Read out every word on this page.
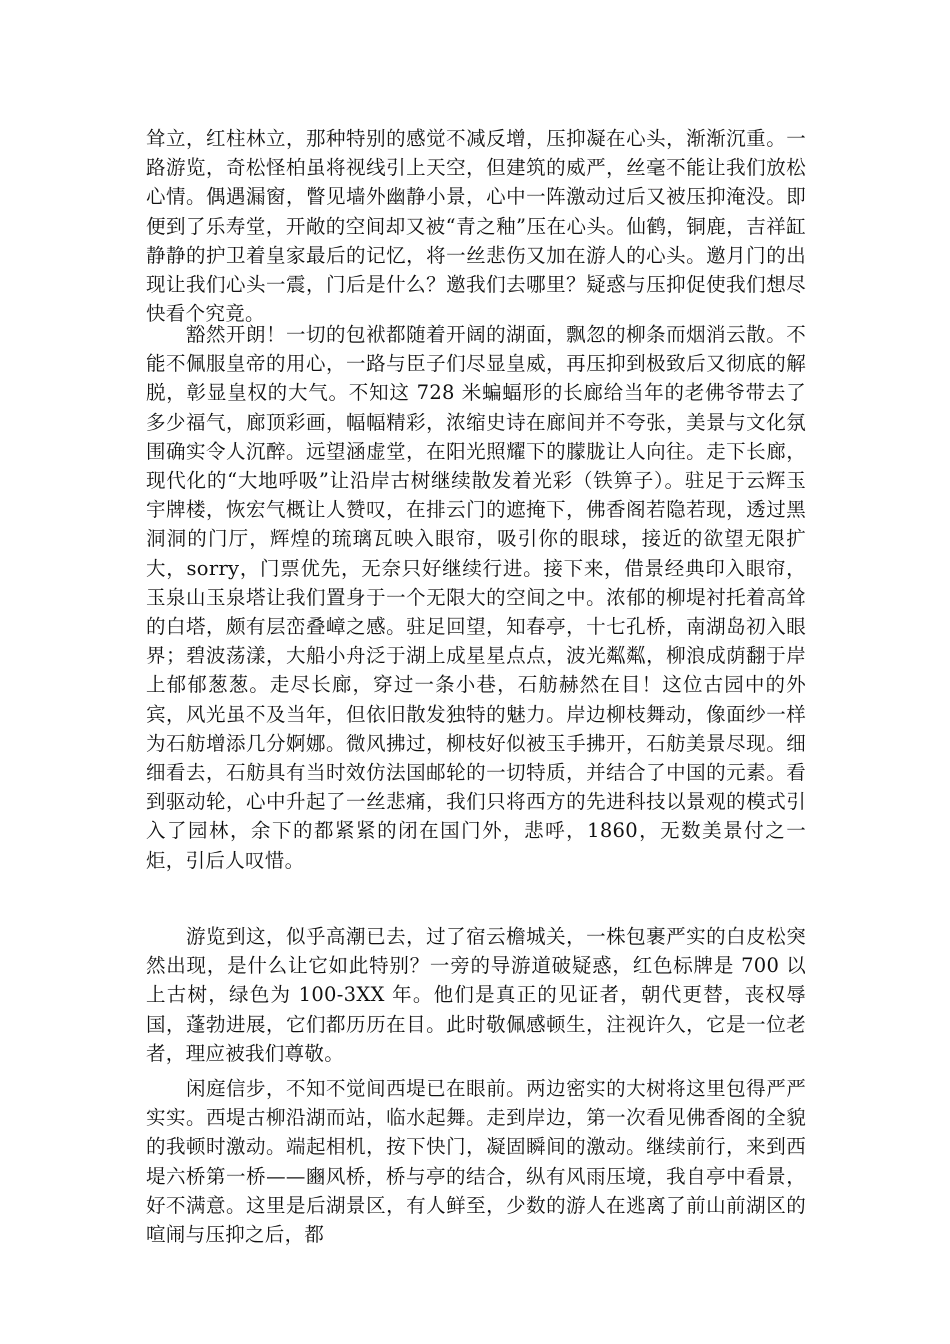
耸立，红柱林立，那种特别的感觉不减反增，压抑凝在心头，渐渐沉重。一路游览，奇松怪柏虽将视线引上天空，但建筑的威严，丝毫不能让我们放松心情。偶遇漏窗，瞥见墙外幽静小景，心中一阵激动过后又被压抑淹没。即便到了乐寿堂，开敞的空间却又被“青之釉”压在心头。仙鹤，铜鹿，吉祥缸静静的护卫着皇家最后的记忆，将一丝悲伤又加在游人的心头。邀月门的出现让我们心头一震，门后是什么？邀我们去哪里？疑惑与压抑促使我们想尽快看个究竟。

　　豁然开朗！一切的包袱都随着开阔的湖面，飘忽的柳条而烟消云散。不能不佩服皇帝的用心，一路与臣子们尽显皇威，再压抑到极致后又彻底的解脱，彰显皇权的大气。不知这 728 米蝙蝠形的长廊给当年的老佛爷带去了多少福气，廊顶彩画，幅幅精彩，浓缩史诗在廊间并不夸张，美景与文化氛围确实令人沉醉。远望涵虚堂，在阳光照耀下的朦胧让人向往。走下长廊，现代化的“大地呼吸”让沿岸古树继续散发着光彩（铁箅子）。驻足于云辉玉宇牌楼，恢宏气概让人赞叹，在排云门的遮掩下，佛香阁若隐若现，透过黑洞洞的门厅，辉煌的琉璃瓦映入眼帘，吸引你的眼球，接近的欲望无限扩大，sorry，门票优先，无奈只好继续行进。接下来，借景经典印入眼帘，玉泉山玉泉塔让我们置身于一个无限大的空间之中。浓郁的柳堤衬托着高耸的白塔，颇有层峦叠嶂之感。驻足回望，知春亭，十七孔桥，南湖岛初入眼界；碧波荡漾，大船小舟泛于湖上成星星点点，波光粼粼，柳浪成荫翻于岸上郁郁葱葱。走尽长廊，穿过一条小巷，石舫赫然在目！这位古园中的外宾，风光虽不及当年，但依旧散发独特的魅力。岸边柳枝舞动，像面纱一样为石舫增添几分婀娜。微风拂过，柳枝好似被玉手拂开，石舫美景尽现。细细看去，石舫具有当时效仿法国邮轮的一切特质，并结合了中国的元素。看到驱动轮，心中升起了一丝悲痛，我们只将西方的先进科技以景观的模式引入了园林，余下的都紧紧的闭在国门外，悲呼，1860，无数美景付之一炬，引后人叹惜。

　　游览到这，似乎高潮已去，过了宿云檐城关，一株包裹严实的白皮松突然出现，是什么让它如此特别？一旁的导游道破疑惑，红色标牌是 700 以上古树，绿色为 100-3XX 年。他们是真正的见证者，朝代更替，丧权辱国，蓬勃进展，它们都历历在目。此时敬佩感顿生，注视许久，它是一位老者，理应被我们尊敬。

　　闲庭信步，不知不觉间西堤已在眼前。两边密实的大树将这里包得严严实实。西堤古柳沿湖而站，临水起舞。走到岸边，第一次看见佛香阁的全貌的我顿时激动。端起相机，按下快门，凝固瞬间的激动。继续前行，来到西堤六桥第一桥——豳风桥，桥与亭的结合，纵有风雨压境，我自亭中看景，好不满意。这里是后湖景区，有人鲜至，少数的游人在逃离了前山前湖区的喧闹与压抑之后，都
